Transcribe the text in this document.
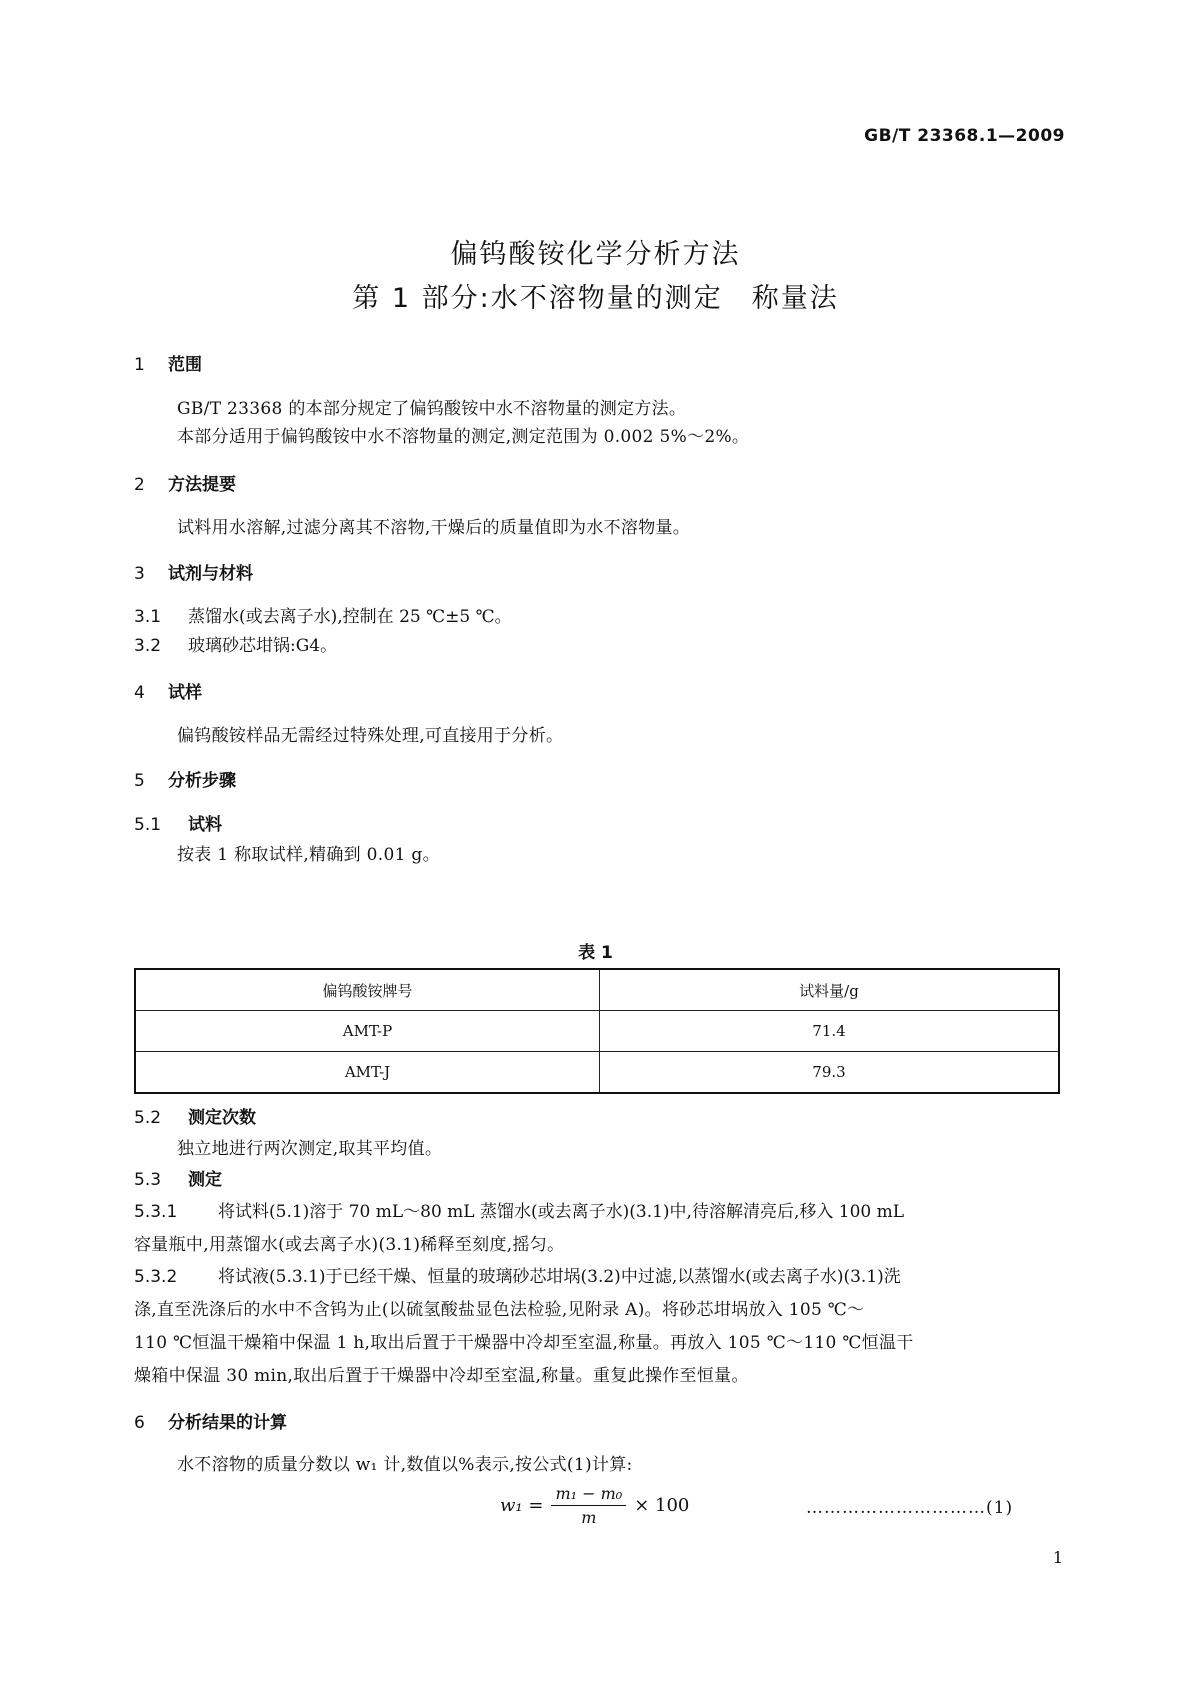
GB/T 23368.1—2009
偏钨酸铵化学分析方法
第 1 部分:水不溶物量的测定　称量法
1 范围
GB/T 23368 的本部分规定了偏钨酸铵中水不溶物量的测定方法。
本部分适用于偏钨酸铵中水不溶物量的测定,测定范围为 0.002 5%～2%。
2 方法提要
试料用水溶解,过滤分离其不溶物,干燥后的质量值即为水不溶物量。
3 试剂与材料
3.1 蒸馏水(或去离子水),控制在 25 ℃±5 ℃。
3.2 玻璃砂芯坩锅:G4。
4 试样
偏钨酸铵样品无需经过特殊处理,可直接用于分析。
5 分析步骤
5.1 试料
按表 1 称取试样,精确到 0.01 g。
表 1
偏钨酸铵牌号	试料量/g
AMT-P	71.4
AMT-J	79.3
5.2 测定次数
独立地进行两次测定,取其平均值。
5.3 测定
5.3.1 将试料(5.1)溶于 70 mL～80 mL 蒸馏水(或去离子水)(3.1)中,待溶解清亮后,移入 100 mL
容量瓶中,用蒸馏水(或去离子水)(3.1)稀释至刻度,摇匀。
5.3.2 将试液(5.3.1)于已经干燥、恒量的玻璃砂芯坩埚(3.2)中过滤,以蒸馏水(或去离子水)(3.1)洗
涤,直至洗涤后的水中不含钨为止(以硫氢酸盐显色法检验,见附录 A)。将砂芯坩埚放入 105 ℃～
110 ℃恒温干燥箱中保温 1 h,取出后置于干燥器中冷却至室温,称量。再放入 105 ℃～110 ℃恒温干
燥箱中保温 30 min,取出后置于干燥器中冷却至室温,称量。重复此操作至恒量。
6 分析结果的计算
水不溶物的质量分数以 w₁ 计,数值以%表示,按公式(1)计算:
$w_1 = \frac{\text{m₁ − m₀}}{m} \times 100$	…………………………(1)
1
